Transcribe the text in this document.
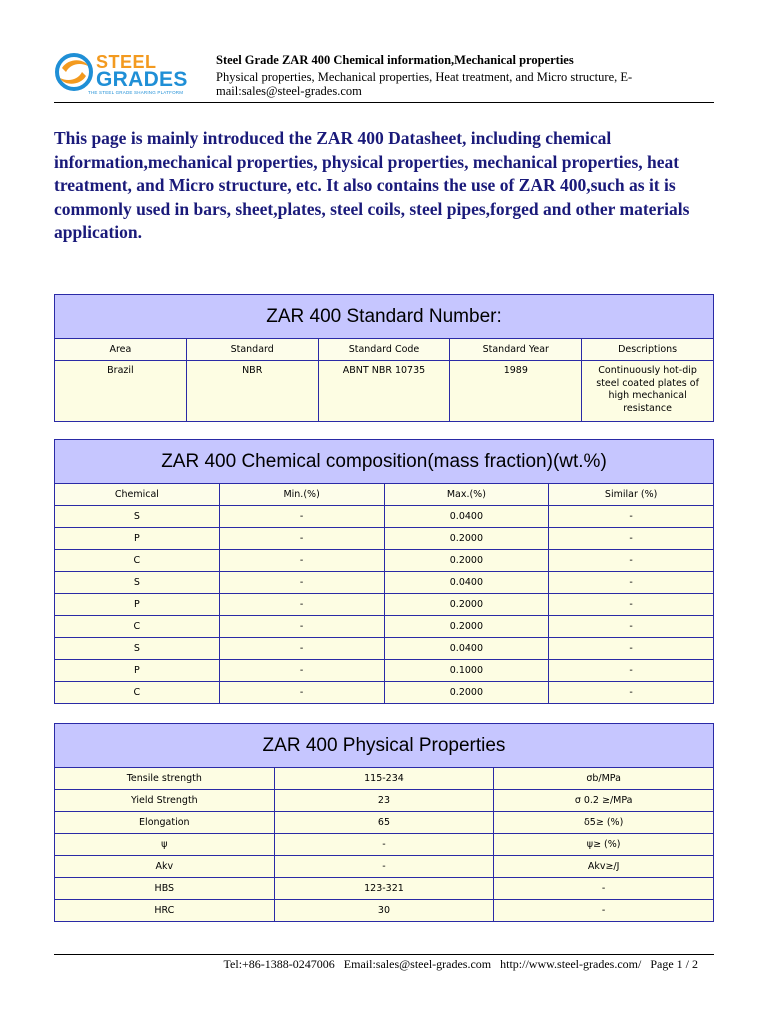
STEEL
GRADES
THE STEEL GRADE SHARING PLATFORM
Steel Grade ZAR 400 Chemical information,Mechanical properties
Physical properties, Mechanical properties, Heat treatment, and Micro structure, E-mail:sales@steel-grades.com
This page is mainly introduced the ZAR 400 Datasheet, including chemical information,mechanical properties, physical properties, mechanical properties, heat treatment, and Micro structure, etc. It also contains the use of ZAR 400,such as it is commonly used in bars, sheet,plates, steel coils, steel pipes,forged and other materials application.
ZAR 400 Standard Number:				
Area	Standard	Standard Code	Standard Year	Descriptions
Brazil	NBR	ABNT NBR 10735	1989	Continuously hot-dip steel coated plates of high mechanical resistance
ZAR 400 Chemical composition(mass fraction)(wt.%)			
Chemical	Min.(%)	Max.(%)	Similar (%)
S	-	0.0400	-
P	-	0.2000	-
C	-	0.2000	-
S	-	0.0400	-
P	-	0.2000	-
C	-	0.2000	-
S	-	0.0400	-
P	-	0.1000	-
C	-	0.2000	-
ZAR 400 Physical Properties		
Tensile strength	115-234	σb/MPa
Yield Strength	23	σ 0.2 ≥/MPa
Elongation	65	δ5≥ (%)
ψ	-	ψ≥ (%)
Akv	-	Akv≥/J
HBS	123-321	-
HRC	30	-
Tel:+86-1388-0247006 Email:sales@steel-grades.com http://www.steel-grades.com/ Page 1 / 2
